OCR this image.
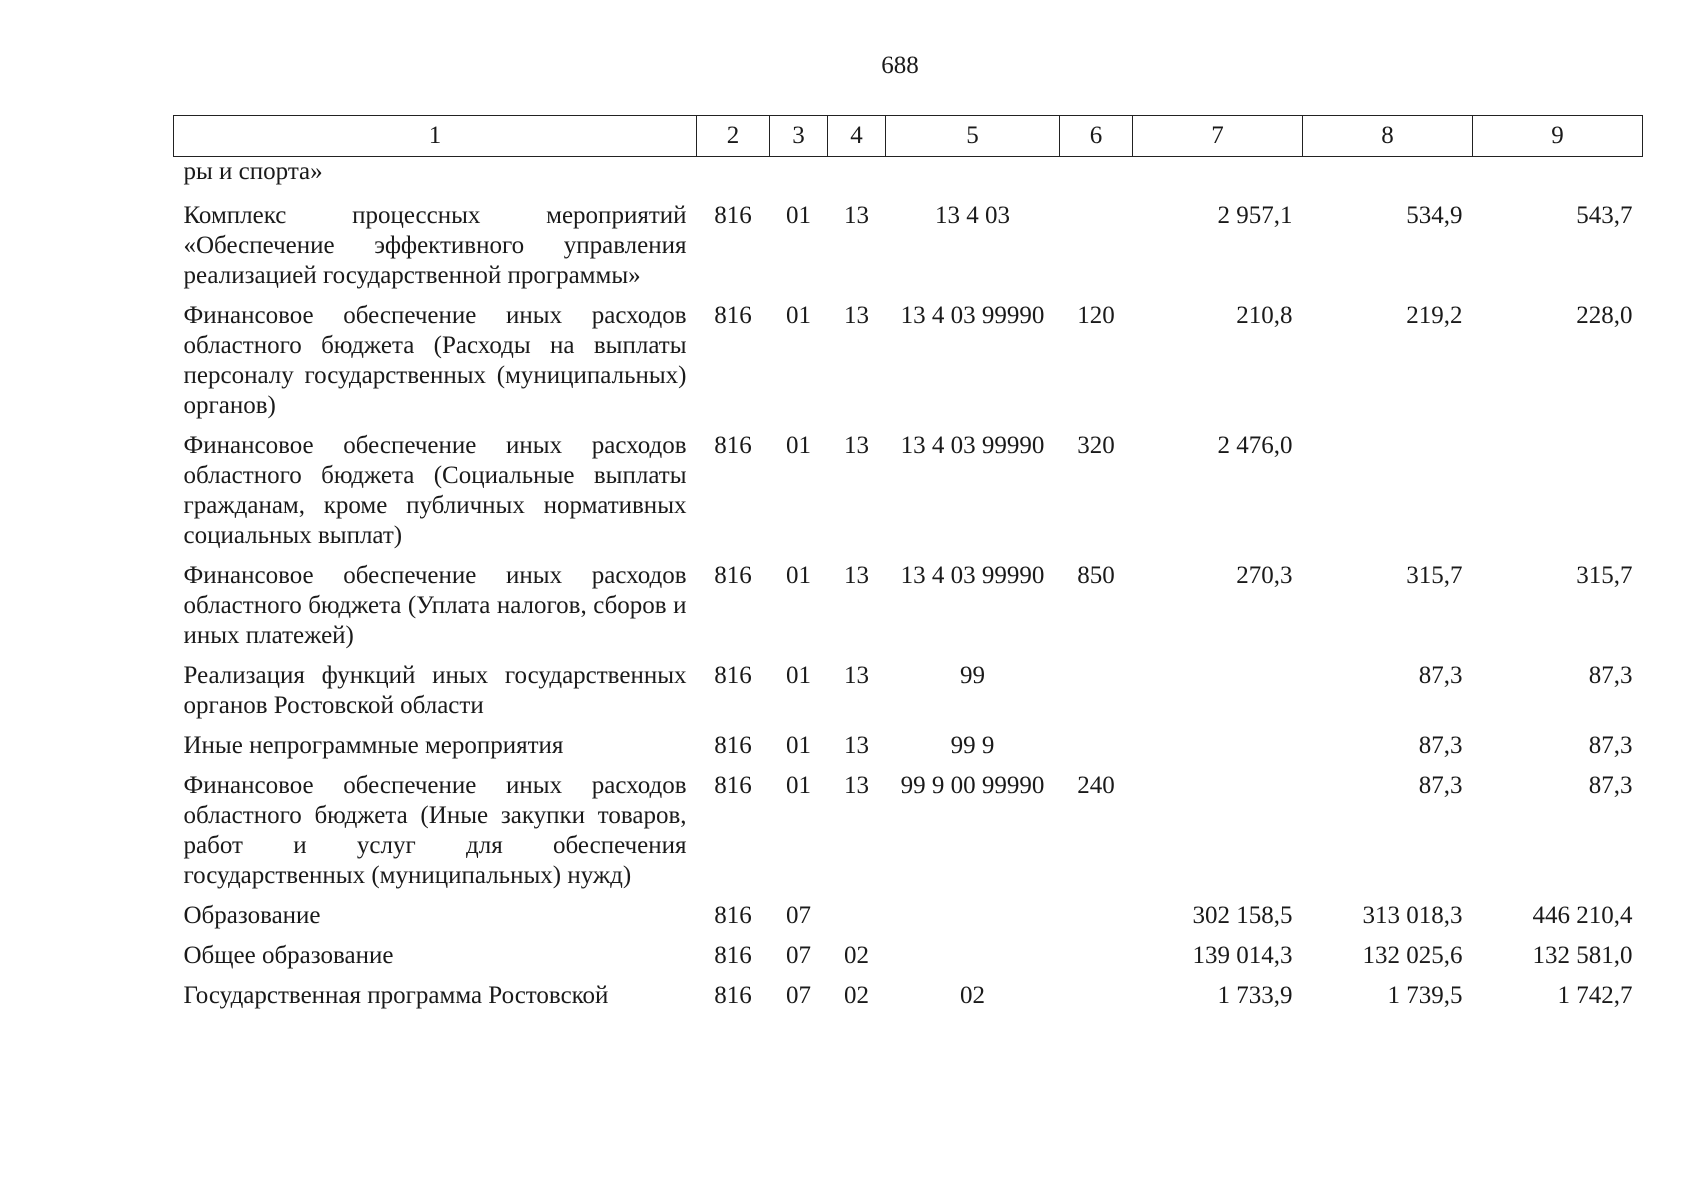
688
1	2	3	4	5	6	7	8	9
ры и спорта»								
Комплекс процессных мероприятий «Обеспечение эффективного управления реализацией государственной программы»	816	01	13	13 4 03		2 957,1	534,9	543,7
Финансовое обеспечение иных расходов областного бюджета (Расходы на выплаты персоналу государственных (муниципальных) органов)	816	01	13	13 4 03 99990	120	210,8	219,2	228,0
Финансовое обеспечение иных расходов областного бюджета (Социальные выплаты гражданам, кроме публичных нормативных социальных выплат)	816	01	13	13 4 03 99990	320	2 476,0		
Финансовое обеспечение иных расходов областного бюджета (Уплата налогов, сборов и иных платежей)	816	01	13	13 4 03 99990	850	270,3	315,7	315,7
Реализация функций иных государственных органов Ростовской области	816	01	13	99			87,3	87,3
Иные непрограммные мероприятия	816	01	13	99 9			87,3	87,3
Финансовое обеспечение иных расходов областного бюджета (Иные закупки товаров, работ и услуг для обеспечения государственных (муниципальных) нужд)	816	01	13	99 9 00 99990	240		87,3	87,3
Образование	816	07				302 158,5	313 018,3	446 210,4
Общее образование	816	07	02			139 014,3	132 025,6	132 581,0
Государственная программа Ростовской	816	07	02	02		1 733,9	1 739,5	1 742,7
